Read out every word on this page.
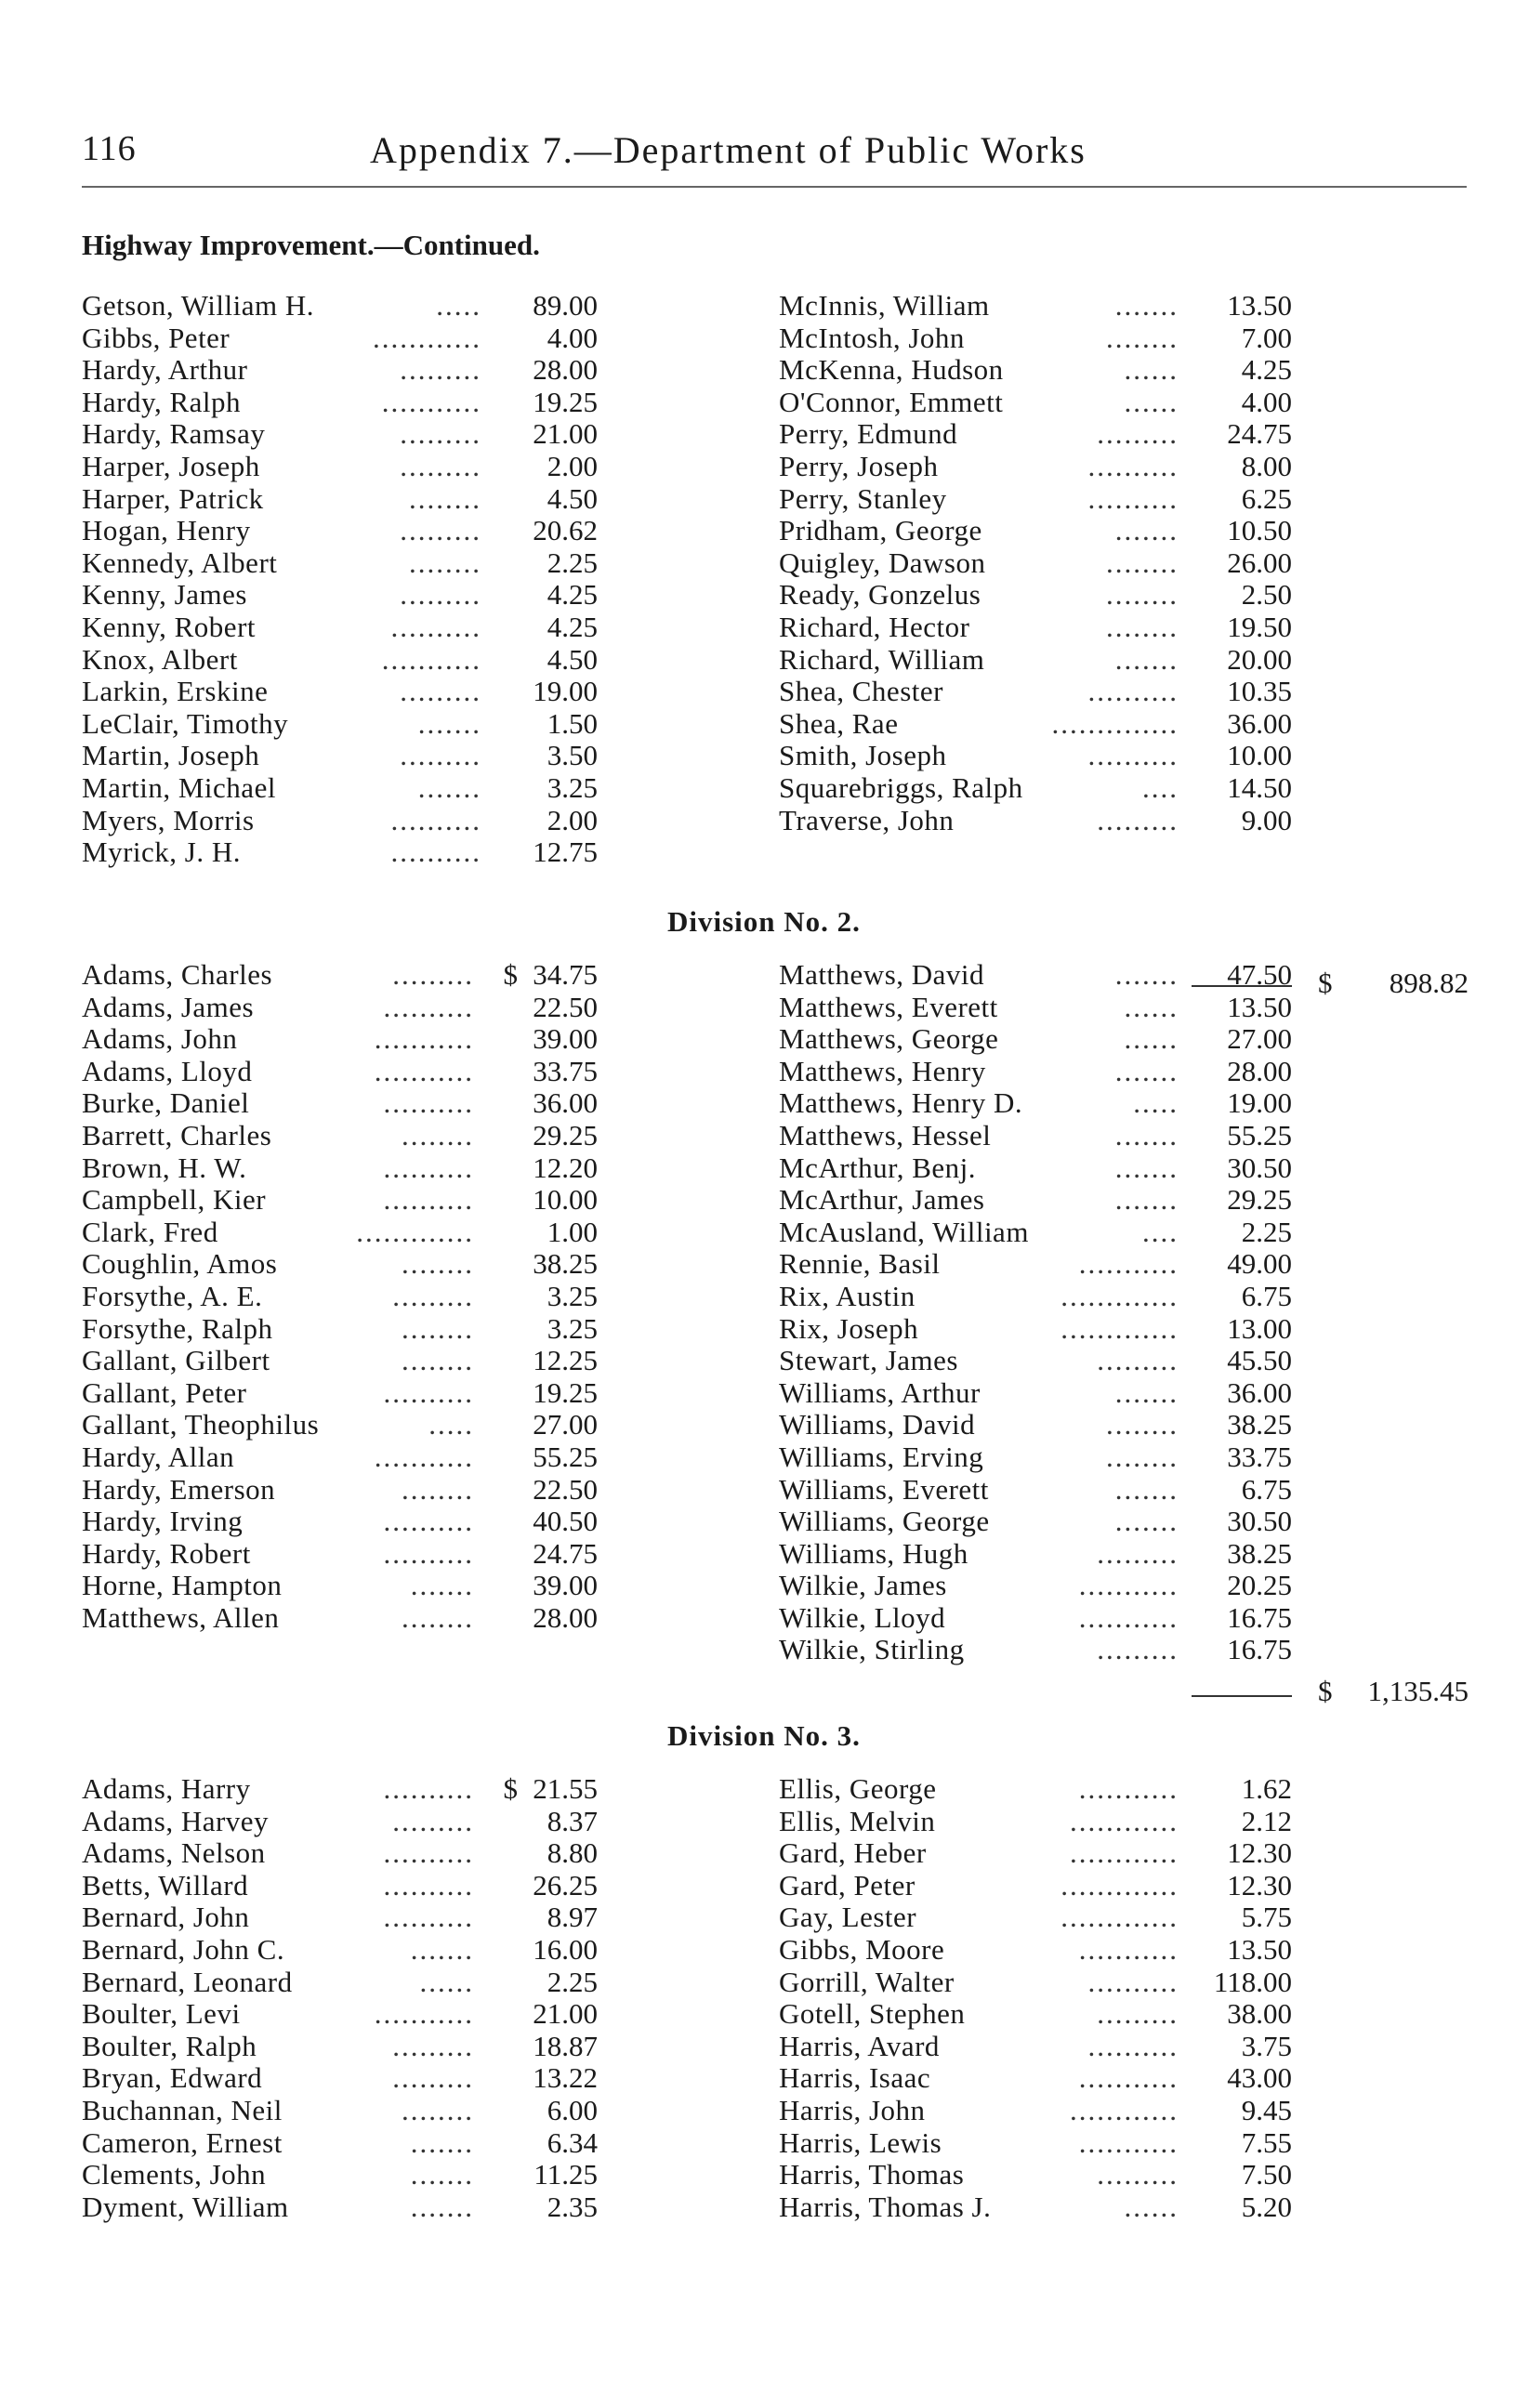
116	Appendix 7.—Department of Public Works
Highway Improvement.—Continued.
Getson, William H.	..... 89.00
Gibbs, Peter	............ 4.00
Hardy, Arthur	......... 28.00
Hardy, Ralph	........... 19.25
Hardy, Ramsay	......... 21.00
Harper, Joseph	......... 2.00
Harper, Patrick	........ 4.50
Hogan, Henry	......... 20.62
Kennedy, Albert	........ 2.25
Kenny, James	......... 4.25
Kenny, Robert	.......... 4.25
Knox, Albert	........... 4.50
Larkin, Erskine	......... 19.00
LeClair, Timothy	....... 1.50
Martin, Joseph	......... 3.50
Martin, Michael	....... 3.25
Myers, Morris	.......... 2.00
Myrick, J. H.	.......... 12.75
McInnis, William	....... 13.50
McIntosh, John	........ 7.00
McKenna, Hudson	...... 4.25
O'Connor, Emmett	...... 4.00
Perry, Edmund	......... 24.75
Perry, Joseph	.......... 8.00
Perry, Stanley	.......... 6.25
Pridham, George	....... 10.50
Quigley, Dawson	........ 26.00
Ready, Gonzelus	........ 2.50
Richard, Hector	........ 19.50
Richard, William	....... 20.00
Shea, Chester	.......... 10.35
Shea, Rae	.............. 36.00
Smith, Joseph	.......... 10.00
Squarebriggs, Ralph	.... 14.50
Traverse, John	......... 9.00
$	898.82
Division No. 2.
Adams, Charles	......... $ 34.75
Adams, James	.......... 22.50
Adams, John	........... 39.00
Adams, Lloyd	........... 33.75
Burke, Daniel	.......... 36.00
Barrett, Charles	........ 29.25
Brown, H. W.	.......... 12.20
Campbell, Kier	.......... 10.00
Clark, Fred	.............	1.00
Coughlin, Amos	........ 38.25
Forsythe, A. E.	.........	3.25
Forsythe, Ralph	........	3.25
Gallant, Gilbert	........ 12.25
Gallant, Peter	.......... 19.25
Gallant, Theophilus	..... 27.00
Hardy, Allan	........... 55.25
Hardy, Emerson	........ 22.50
Hardy, Irving	.......... 40.50
Hardy, Robert	.......... 24.75
Horne, Hampton	....... 39.00
Matthews, Allen	........ 28.00
Matthews, David	....... 47.50
Matthews, Everett	...... 13.50
Matthews, George	...... 27.00
Matthews, Henry	....... 28.00
Matthews, Henry D.	..... 19.00
Matthews, Hessel	....... 55.25
McArthur, Benj.	....... 30.50
McArthur, James	....... 29.25
McAusland, William	.... 2.25
Rennie, Basil	........... 49.00
Rix, Austin	............. 6.75
Rix, Joseph	............. 13.00
Stewart, James	......... 45.50
Williams, Arthur	....... 36.00
Williams, David	........ 38.25
Williams, Erving	........ 33.75
Williams, Everett	....... 6.75
Williams, George	....... 30.50
Williams, Hugh	......... 38.25
Wilkie, James	........... 20.25
Wilkie, Lloyd	........... 16.75
Wilkie, Stirling	......... 16.75
$	1,135.45
Division No. 3.
Adams, Harry	.......... $ 21.55
Adams, Harvey	.........	8.37
Adams, Nelson	..........	8.80
Betts, Willard	.......... 26.25
Bernard, John	..........	8.97
Bernard, John C.	....... 16.00
Bernard, Leonard	......	2.25
Boulter, Levi	........... 21.00
Boulter, Ralph	......... 18.87
Bryan, Edward	......... 13.22
Buchannan, Neil	........	6.00
Cameron, Ernest	.......	6.34
Clements, John	....... 11.25
Dyment, William	.......	2.35
Ellis, George	........... 1.62
Ellis, Melvin	............ 2.12
Gard, Heber	............ 12.30
Gard, Peter	............. 12.30
Gay, Lester	............. 5.75
Gibbs, Moore	........... 13.50
Gorrill, Walter	.......... 118.00
Gotell, Stephen	......... 38.00
Harris, Avard	.......... 3.75
Harris, Isaac	........... 43.00
Harris, John	............ 9.45
Harris, Lewis	........... 7.55
Harris, Thomas	......... 7.50
Harris, Thomas J.	...... 5.20
